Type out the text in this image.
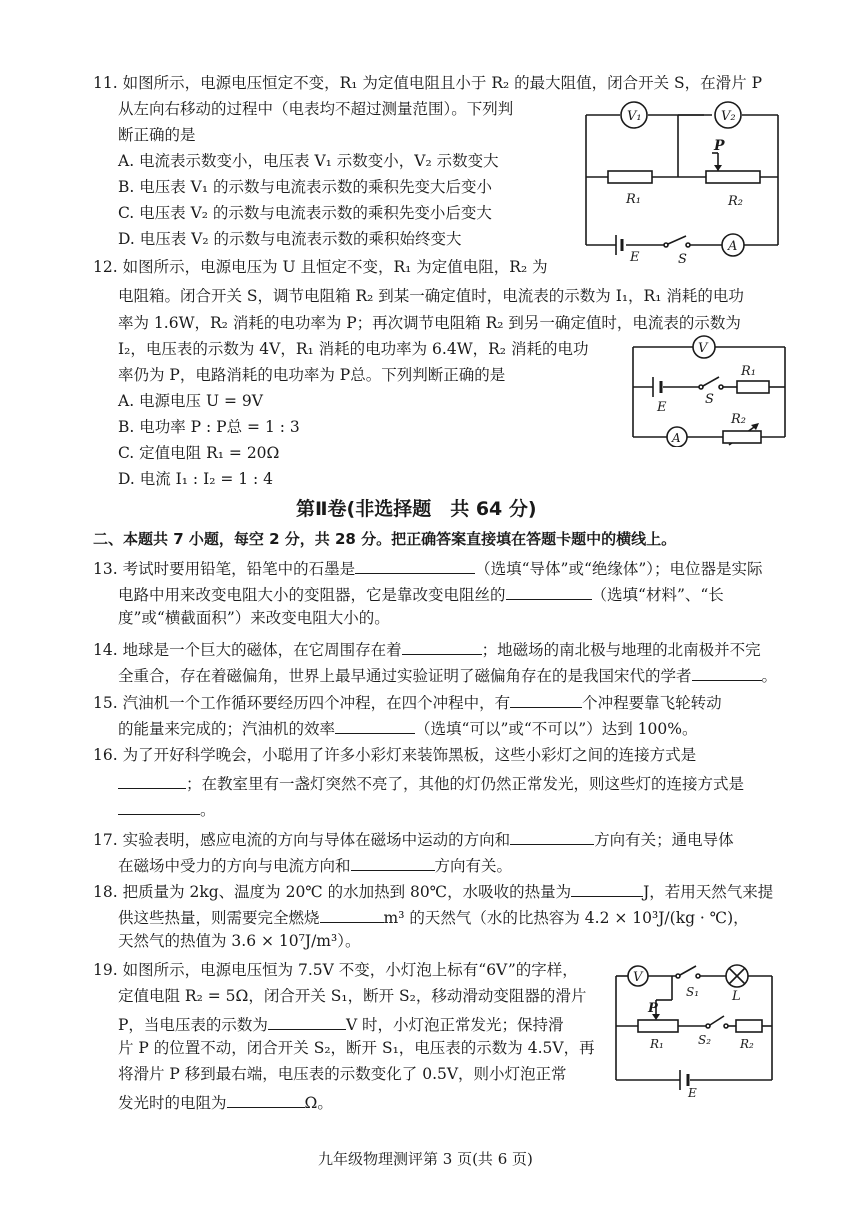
11. 如图所示，电源电压恒定不变，R₁ 为定值电阻且小于 R₂ 的最大阻值，闭合开关 S，在滑片 P
从左向右移动的过程中（电表均不超过测量范围）。下列判
断正确的是
A. 电流表示数变小，电压表 V₁ 示数变小，V₂ 示数变大
B. 电压表 V₁ 的示数与电流表示数的乘积先变大后变小
C. 电压表 V₂ 的示数与电流表示数的乘积先变小后变大
D. 电压表 V₂ 的示数与电流表示数的乘积始终变大
V₁	V₂
P
R₁	R₂
E	S
A
12. 如图所示，电源电压为 U 且恒定不变，R₁ 为定值电阻，R₂ 为
电阻箱。闭合开关 S，调节电阻箱 R₂ 到某一确定值时，电流表的示数为 I₁，R₁ 消耗的电功
率为 1.6W，R₂ 消耗的电功率为 P；再次调节电阻箱 R₂ 到另一确定值时，电流表的示数为
I₂，电压表的示数为 4V，R₁ 消耗的电功率为 6.4W，R₂ 消耗的电功
率仍为 P，电路消耗的电功率为 P总。下列判断正确的是
A. 电源电压 U = 9V
B. 电功率 P : P总 = 1 : 3
C. 定值电阻 R₁ = 20Ω
D. 电流 I₁ : I₂ = 1 : 4
V
R₁
E
S
A
R₂
第Ⅱ卷(非选择题　共 64 分)
二、本题共 7 小题，每空 2 分，共 28 分。把正确答案直接填在答题卡题中的横线上。
13. 考试时要用铅笔，铅笔中的石墨是	（选填“导体”或“绝缘体”）；电位器是实际
电路中用来改变电阻大小的变阻器，它是靠改变电阻丝的	（选填“材料”、“长
度”或“横截面积”）来改变电阻大小的。
14. 地球是一个巨大的磁体，在它周围存在着	；地磁场的南北极与地理的北南极并不完
全重合，存在着磁偏角，世界上最早通过实验证明了磁偏角存在的是我国宋代的学者	。
15. 汽油机一个工作循环要经历四个冲程，在四个冲程中，有	个冲程要靠飞轮转动
的能量来完成的；汽油机的效率	（选填“可以”或“不可以”）达到 100%。
16. 为了开好科学晚会，小聪用了许多小彩灯来装饰黑板，这些小彩灯之间的连接方式是
；在教室里有一盏灯突然不亮了，其他的灯仍然正常发光，则这些灯的连接方式是
。
17. 实验表明，感应电流的方向与导体在磁场中运动的方向和	方向有关；通电导体
在磁场中受力的方向与电流方向和	方向有关。
18. 把质量为 2kg、温度为 20℃ 的水加热到 80℃，水吸收的热量为	J，若用天然气来提
供这些热量，则需要完全燃烧	m³ 的天然气（水的比热容为 4.2 × 10³J/(kg · ℃)，
天然气的热值为 3.6 × 10⁷J/m³）。
19. 如图所示，电源电压恒为 7.5V 不变，小灯泡上标有“6V”的字样，
定值电阻 R₂ = 5Ω，闭合开关 S₁，断开 S₂，移动滑动变阻器的滑片
P，当电压表的示数为	V 时，小灯泡正常发光；保持滑
片 P 的位置不动，闭合开关 S₂，断开 S₁，电压表的示数为 4.5V，再
将滑片 P 移到最右端，电压表的示数变化了 0.5V，则小灯泡正常
发光时的电阻为	Ω。
V
S₁	L
P
R₁	S₂ R₂
E
九年级物理测评第 3 页(共 6 页)
